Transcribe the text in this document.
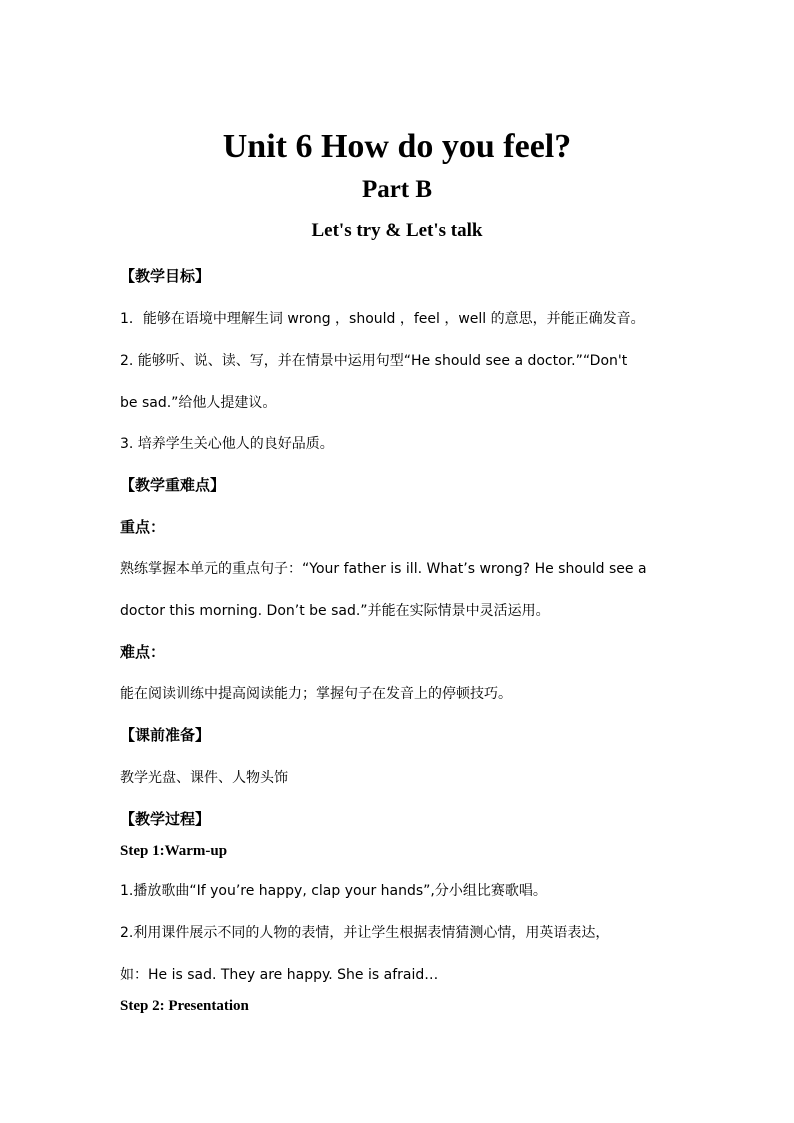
Unit 6 How do you feel?
Part B
Let's try & Let's talk
【教学目标】
1．能够在语境中理解生词 wrong ，should ，feel ，well 的意思，并能正确发音。
2. 能够听、说、读、写，并在情景中运用句型“He should see a doctor.”“Don't
be sad.”给他人提建议。
3. 培养学生关心他人的良好品质。
【教学重难点】
重点：
熟练掌握本单元的重点句子：“Your father is ill. What’s wrong? He should see a
doctor this morning. Don’t be sad.”并能在实际情景中灵活运用。
难点：
能在阅读训练中提高阅读能力；掌握句子在发音上的停顿技巧。
【课前准备】
教学光盘、课件、人物头饰
【教学过程】
Step 1:Warm-up
1.播放歌曲“If you’re happy, clap your hands”,分小组比赛歌唱。
2.利用课件展示不同的人物的表情，并让学生根据表情猜测心情，用英语表达，
如：He is sad. They are happy. She is afraid…
Step 2: Presentation
